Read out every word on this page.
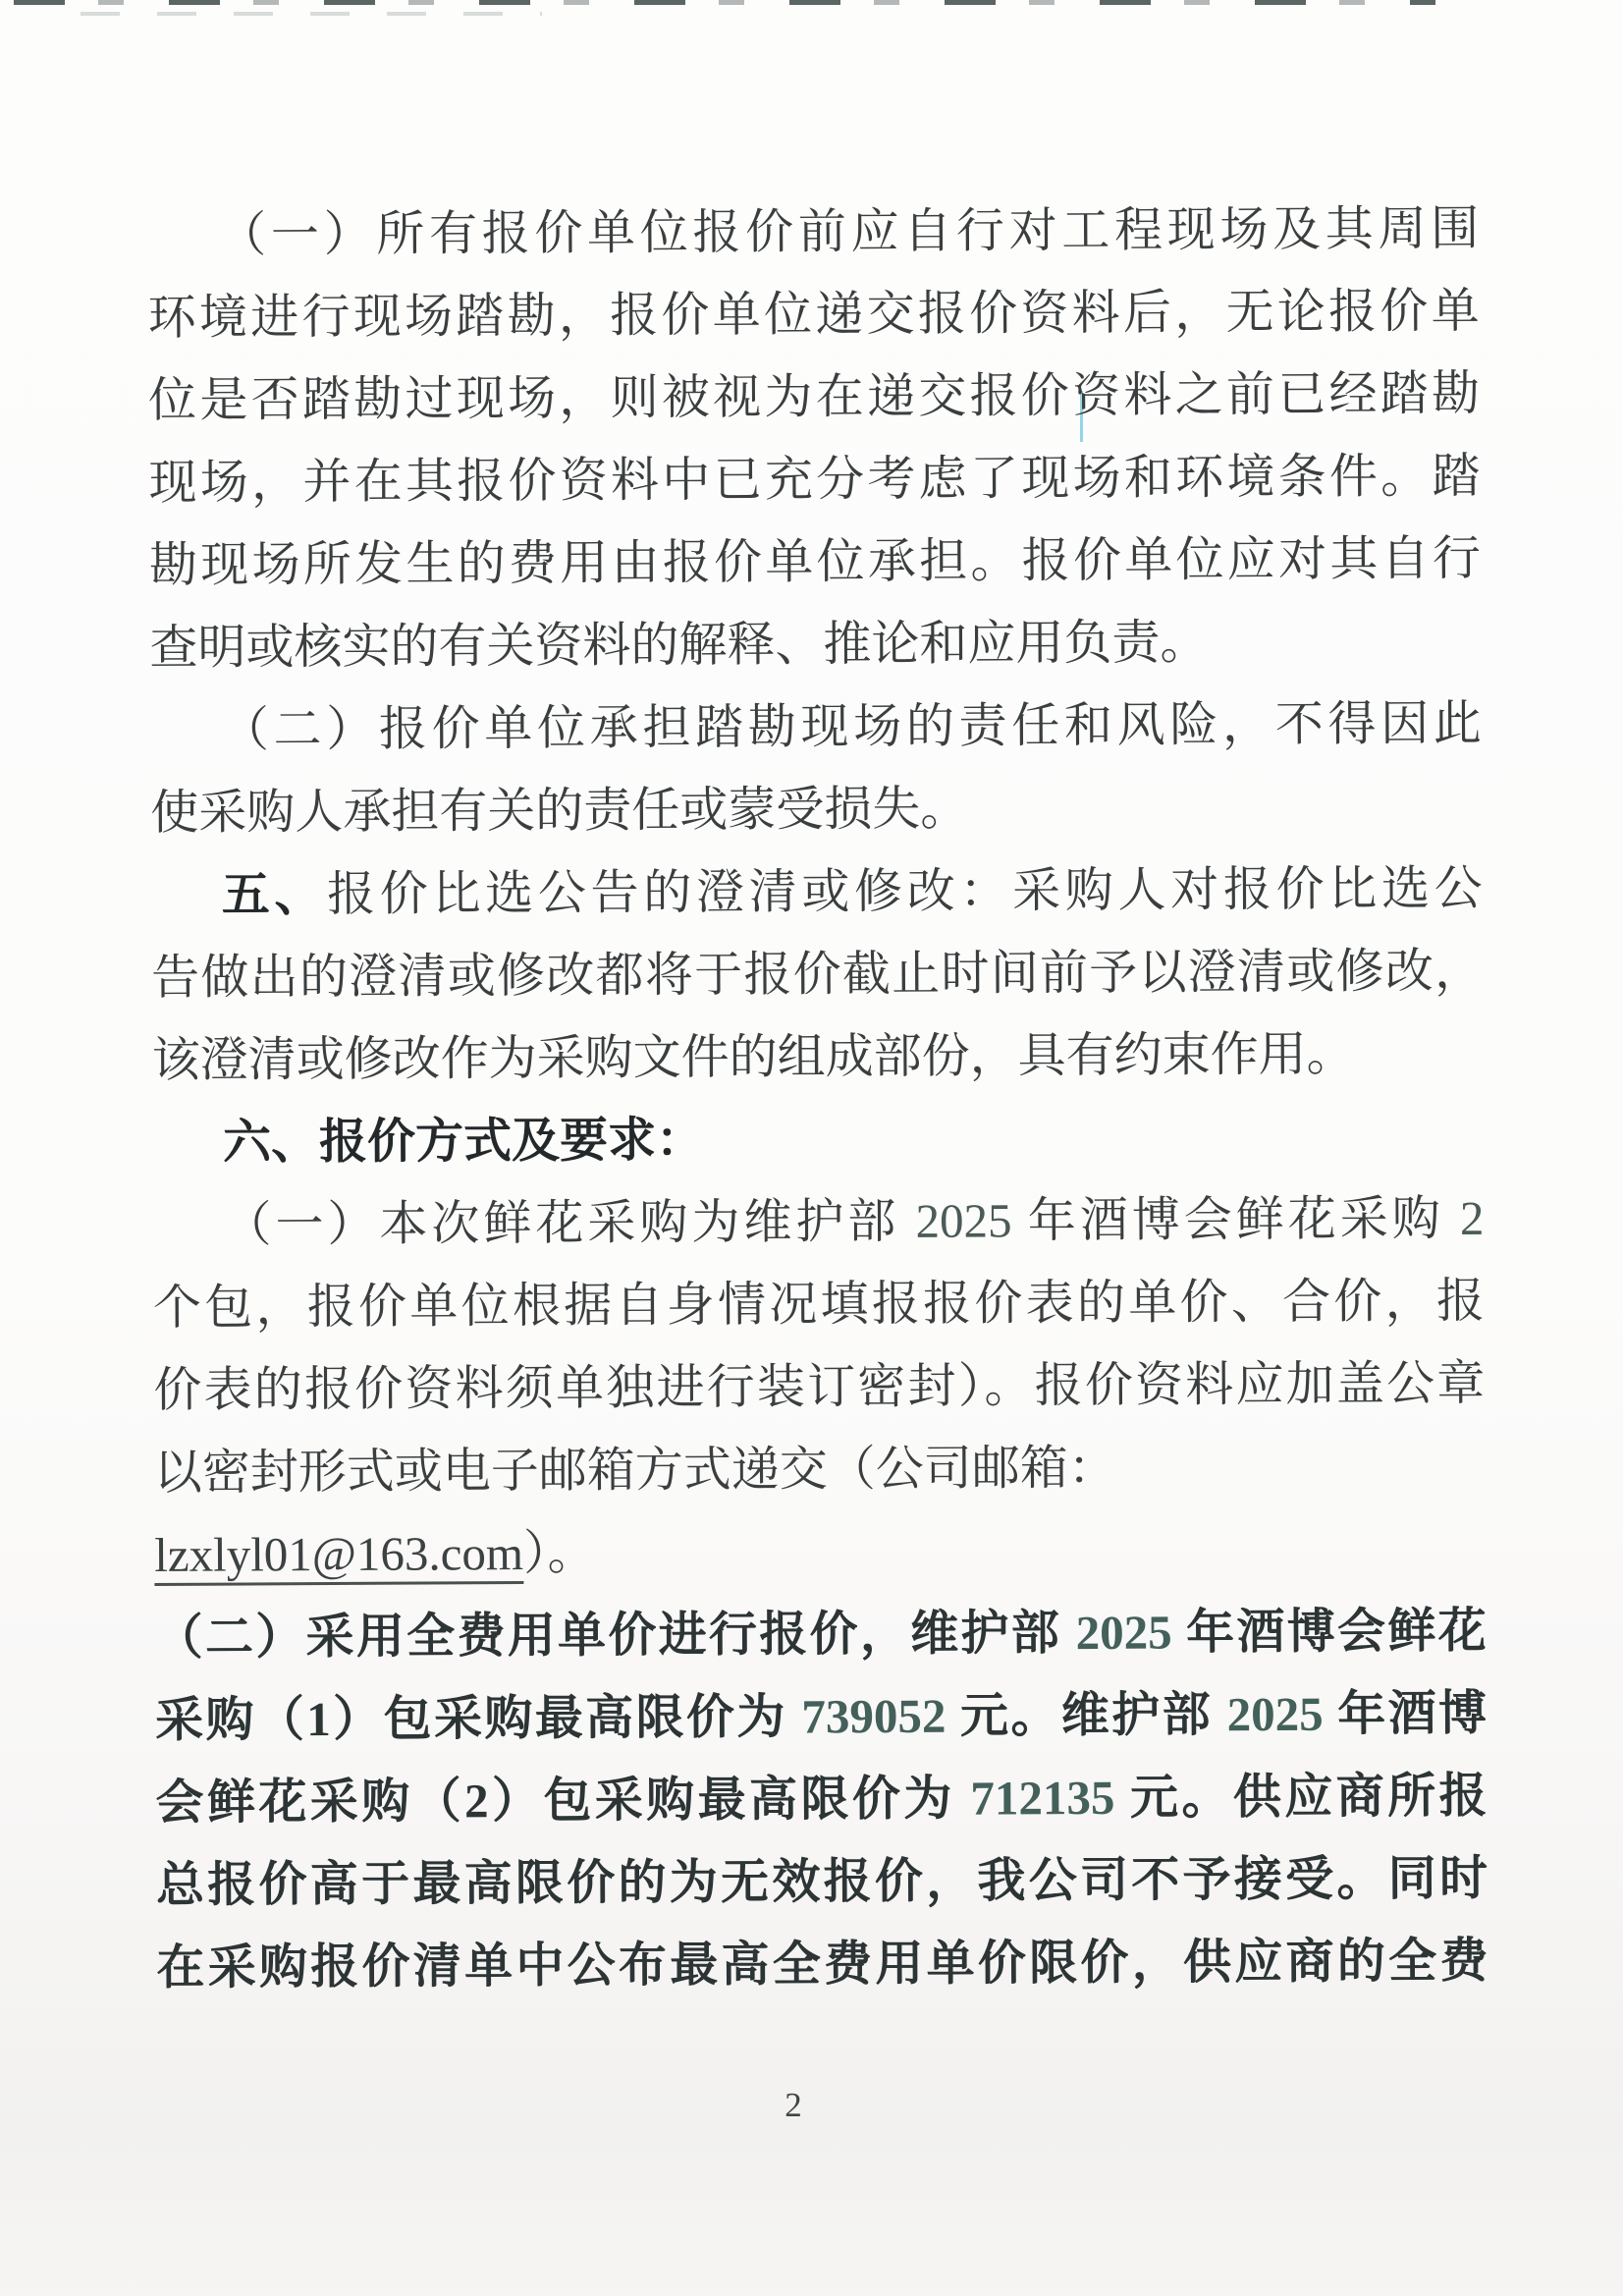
（一）所有报价单位报价前应自行对工程现场及其周围
环境进行现场踏勘，报价单位递交报价资料后，无论报价单
位是否踏勘过现场，则被视为在递交报价资料之前已经踏勘
现场，并在其报价资料中已充分考虑了现场和环境条件。踏
勘现场所发生的费用由报价单位承担。报价单位应对其自行
查明或核实的有关资料的解释、推论和应用负责。
（二）报价单位承担踏勘现场的责任和风险，不得因此
使采购人承担有关的责任或蒙受损失。
五、报价比选公告的澄清或修改：采购人对报价比选公
告做出的澄清或修改都将于报价截止时间前予以澄清或修改，
该澄清或修改作为采购文件的组成部份，具有约束作用。
六、报价方式及要求：
（一）本次鲜花采购为维护部 2025 年酒博会鲜花采购 2
个包，报价单位根据自身情况填报报价表的单价、合价，报
价表的报价资料须单独进行装订密封）。报价资料应加盖公章
以密封形式或电子邮箱方式递交（公司邮箱：
lzxlyl01@163.com）。
（二）采用全费用单价进行报价，维护部 2025 年酒博会鲜花
采购（1）包采购最高限价为 739052 元。维护部 2025 年酒博
会鲜花采购（2）包采购最高限价为 712135 元。供应商所报
总报价高于最高限价的为无效报价，我公司不予接受。同时
在采购报价清单中公布最高全费用单价限价，供应商的全费
2
